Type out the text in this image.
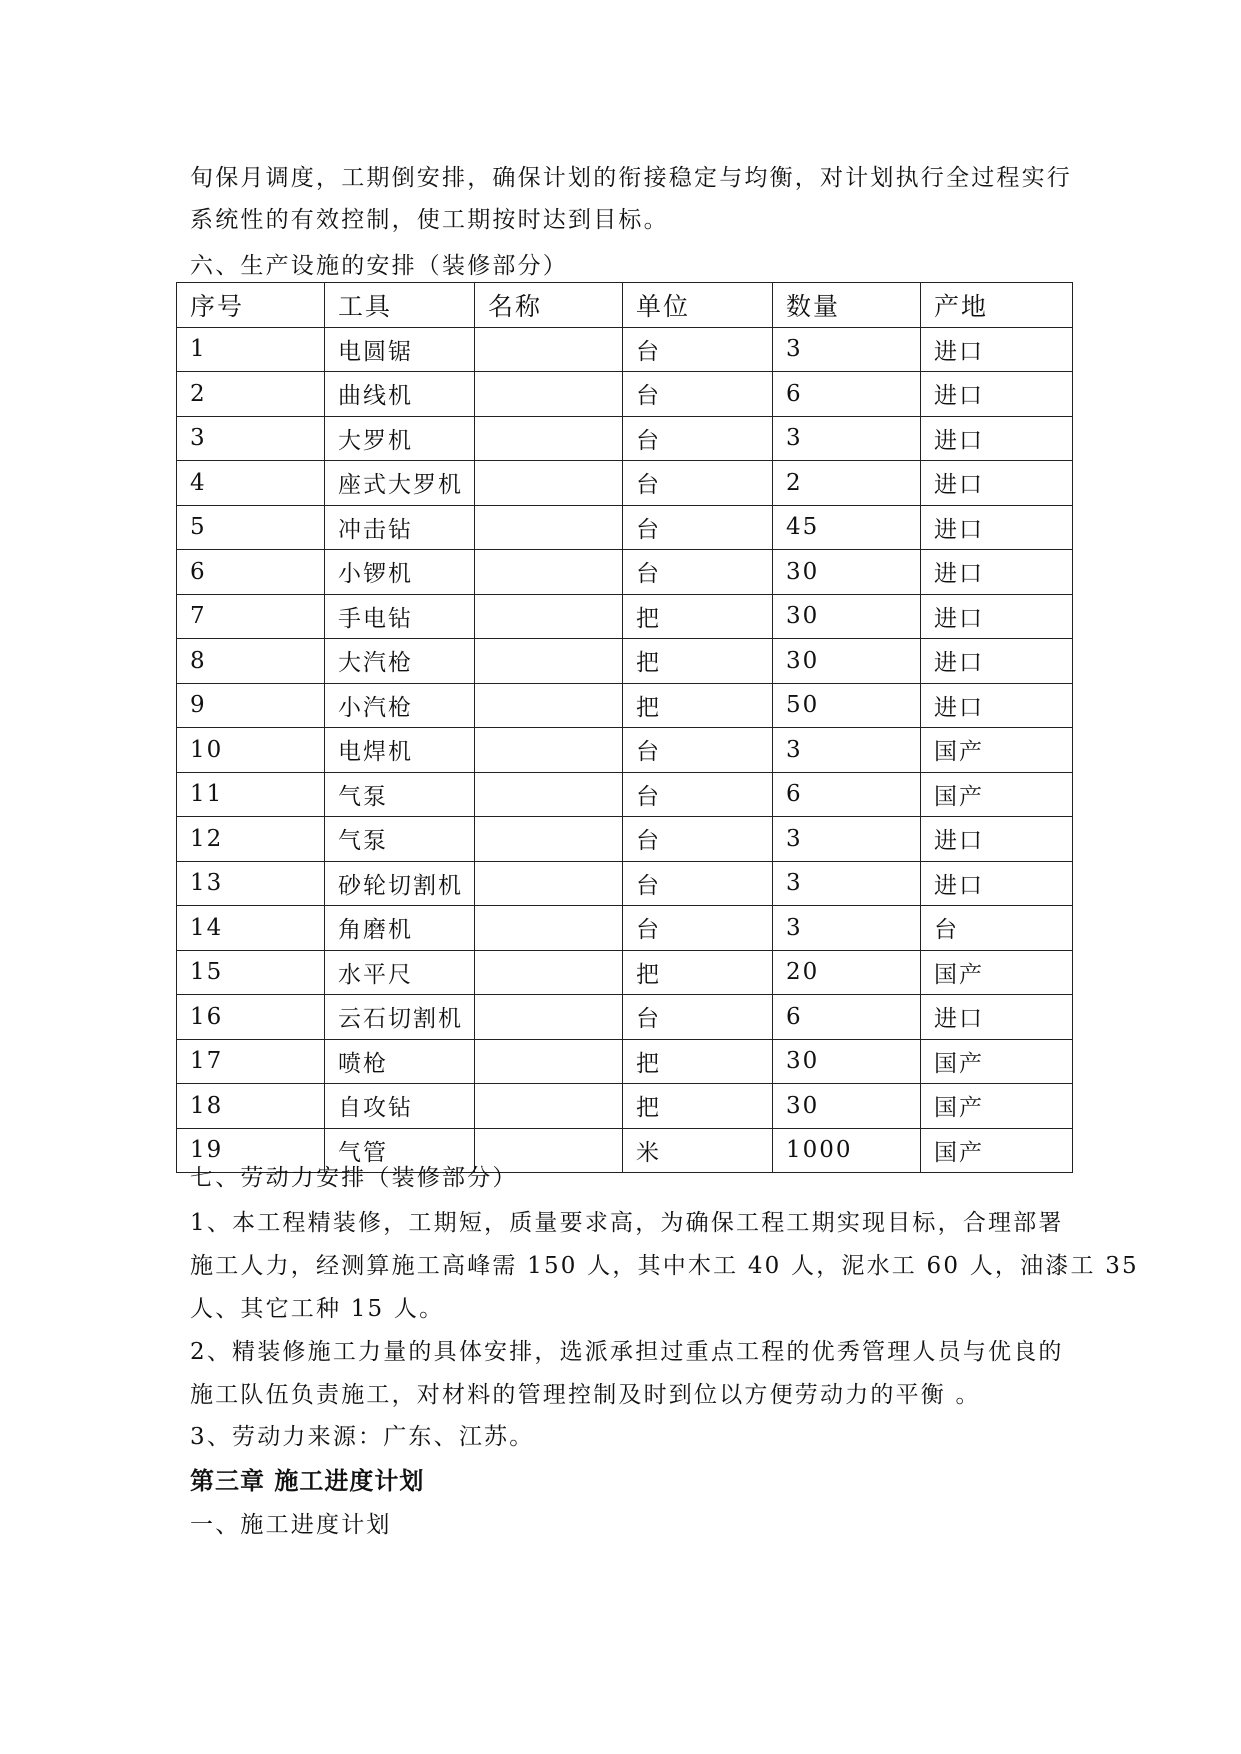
旬保月调度，工期倒安排，确保计划的衔接稳定与均衡，对计划执行全过程实行
系统性的有效控制，使工期按时达到目标。
六、生产设施的安排（装修部分）
序号	工具	名称	单位	数量	产地
1	电圆锯		台	3	进口
2	曲线机		台	6	进口
3	大罗机		台	3	进口
4	座式大罗机		台	2	进口
5	冲击钻		台	45	进口
6	小锣机		台	30	进口
7	手电钻		把	30	进口
8	大汽枪		把	30	进口
9	小汽枪		把	50	进口
10	电焊机		台	3	国产
11	气泵		台	6	国产
12	气泵		台	3	进口
13	砂轮切割机		台	3	进口
14	角磨机		台	3	台
15	水平尺		把	20	国产
16	云石切割机		台	6	进口
17	喷枪		把	30	国产
18	自攻钻		把	30	国产
19	气管		米	1000	国产
七、劳动力安排（装修部分）
1、本工程精装修，工期短，质量要求高，为确保工程工期实现目标，合理部署
施工人力，经测算施工高峰需 150 人，其中木工 40 人，泥水工 60 人，油漆工 35
人、其它工种 15 人。
2、精装修施工力量的具体安排，选派承担过重点工程的优秀管理人员与优良的
施工队伍负责施工，对材料的管理控制及时到位以方便劳动力的平衡 。
3、劳动力来源：广东、江苏。
第三章 施工进度计划
一、施工进度计划
